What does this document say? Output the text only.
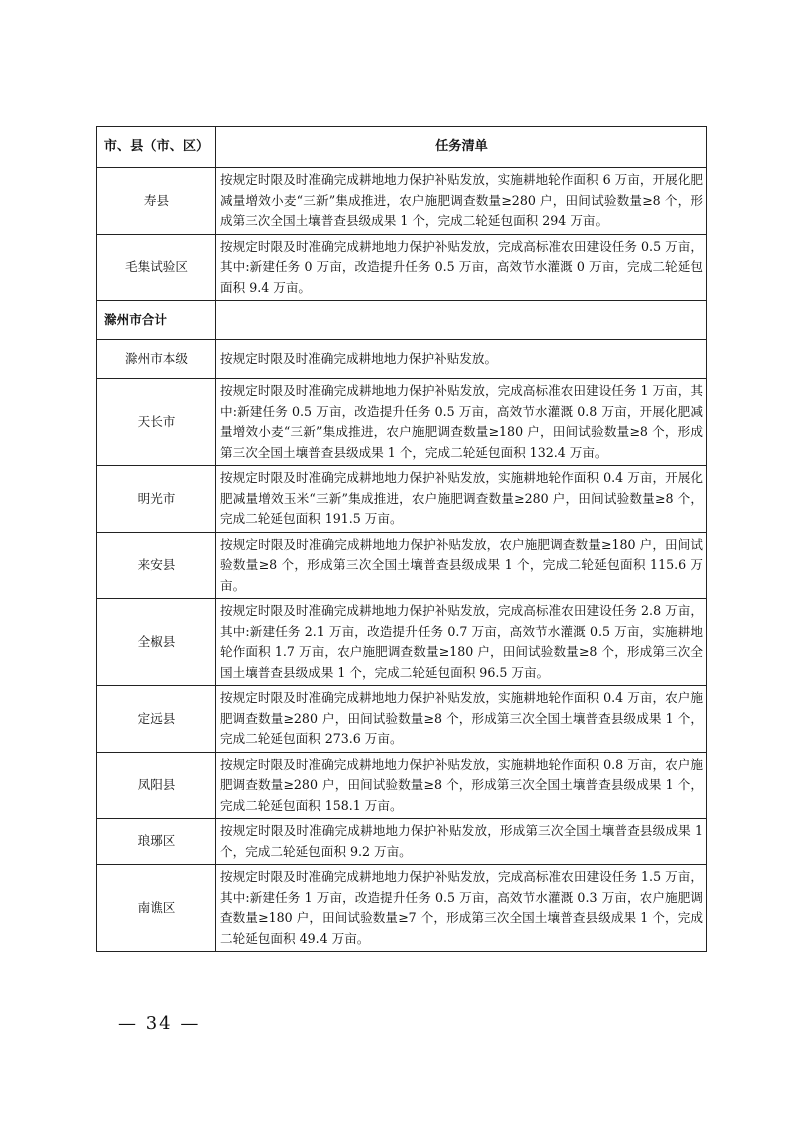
市、县（市、区）	任务清单
寿县	按规定时限及时准确完成耕地地力保护补贴发放，实施耕地轮作面积 6 万亩，开展化肥减量增效小麦“三新”集成推进，农户施肥调查数量≥280 户，田间试验数量≥8 个，形成第三次全国土壤普查县级成果 1 个，完成二轮延包面积 294 万亩。
毛集试验区	按规定时限及时准确完成耕地地力保护补贴发放，完成高标准农田建设任务 0.5 万亩，其中:新建任务 0 万亩，改造提升任务 0.5 万亩，高效节水灌溉 0 万亩，完成二轮延包面积 9.4 万亩。
滁州市合计	
滁州市本级	按规定时限及时准确完成耕地地力保护补贴发放。
天长市	按规定时限及时准确完成耕地地力保护补贴发放，完成高标准农田建设任务 1 万亩，其中:新建任务 0.5 万亩，改造提升任务 0.5 万亩，高效节水灌溉 0.8 万亩，开展化肥减量增效小麦“三新”集成推进，农户施肥调查数量≥180 户，田间试验数量≥8 个，形成第三次全国土壤普查县级成果 1 个，完成二轮延包面积 132.4 万亩。
明光市	按规定时限及时准确完成耕地地力保护补贴发放，实施耕地轮作面积 0.4 万亩，开展化肥减量增效玉米“三新”集成推进，农户施肥调查数量≥280 户，田间试验数量≥8 个，完成二轮延包面积 191.5 万亩。
来安县	按规定时限及时准确完成耕地地力保护补贴发放，农户施肥调查数量≥180 户，田间试验数量≥8 个，形成第三次全国土壤普查县级成果 1 个，完成二轮延包面积 115.6 万亩。
全椒县	按规定时限及时准确完成耕地地力保护补贴发放，完成高标准农田建设任务 2.8 万亩，其中:新建任务 2.1 万亩，改造提升任务 0.7 万亩，高效节水灌溉 0.5 万亩，实施耕地轮作面积 1.7 万亩，农户施肥调查数量≥180 户，田间试验数量≥8 个，形成第三次全国土壤普查县级成果 1 个，完成二轮延包面积 96.5 万亩。
定远县	按规定时限及时准确完成耕地地力保护补贴发放，实施耕地轮作面积 0.4 万亩，农户施肥调查数量≥280 户，田间试验数量≥8 个，形成第三次全国土壤普查县级成果 1 个，完成二轮延包面积 273.6 万亩。
凤阳县	按规定时限及时准确完成耕地地力保护补贴发放，实施耕地轮作面积 0.8 万亩，农户施肥调查数量≥280 户，田间试验数量≥8 个，形成第三次全国土壤普查县级成果 1 个，完成二轮延包面积 158.1 万亩。
琅琊区	按规定时限及时准确完成耕地地力保护补贴发放，形成第三次全国土壤普查县级成果 1 个，完成二轮延包面积 9.2 万亩。
南谯区	按规定时限及时准确完成耕地地力保护补贴发放，完成高标准农田建设任务 1.5 万亩，其中:新建任务 1 万亩，改造提升任务 0.5 万亩，高效节水灌溉 0.3 万亩，农户施肥调查数量≥180 户，田间试验数量≥7 个，形成第三次全国土壤普查县级成果 1 个，完成二轮延包面积 49.4 万亩。
— 34 —
